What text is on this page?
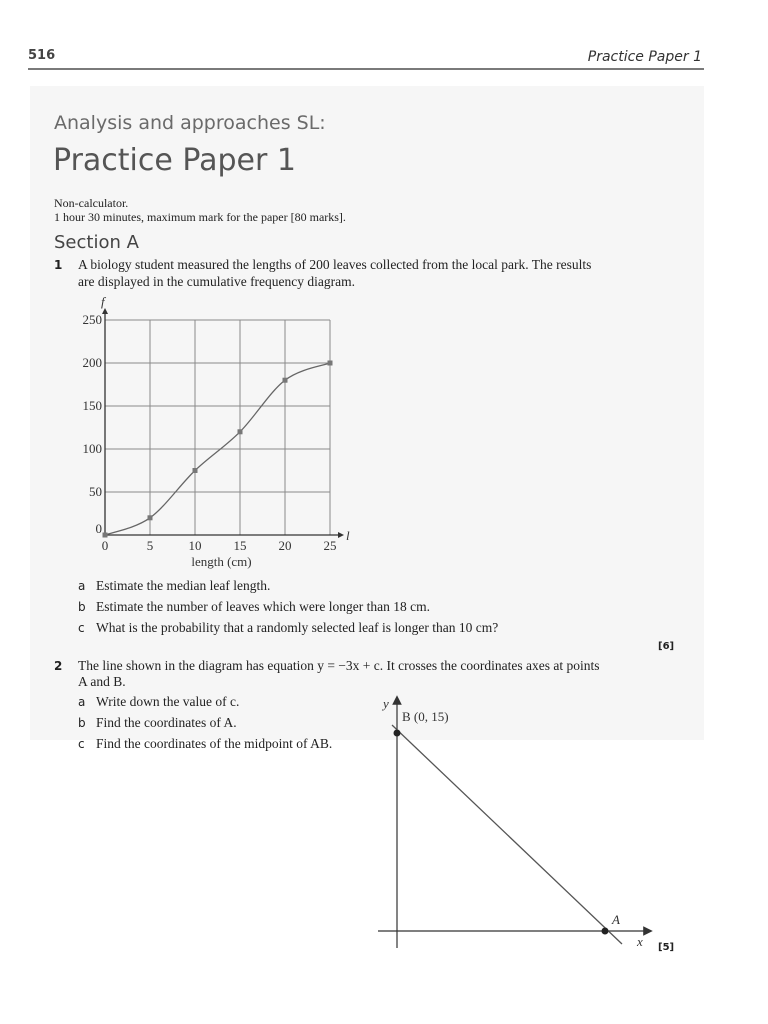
516	Practice Paper 1
Analysis and approaches SL:
Practice Paper 1
Non-calculator.
1 hour 30 minutes, maximum mark for the paper [80 marks].
Section A
1 A biology student measured the lengths of 200 leaves collected from the local park. The results
are displayed in the cumulative frequency diagram.
0	5	10 15 20 25
50
100
150
200
250
0
f
l
length (cm)
a Estimate the median leaf length.
b Estimate the number of leaves which were longer than 18 cm.
c What is the probability that a randomly selected leaf is longer than 10 cm?
[6]
2 The line shown in the diagram has equation y = −3x + c. It crosses the coordinates axes at points
A and B.
a Write down the value of c.
b Find the coordinates of A.
c Find the coordinates of the midpoint of AB.
y
B (0, 15)
A
x [5]
